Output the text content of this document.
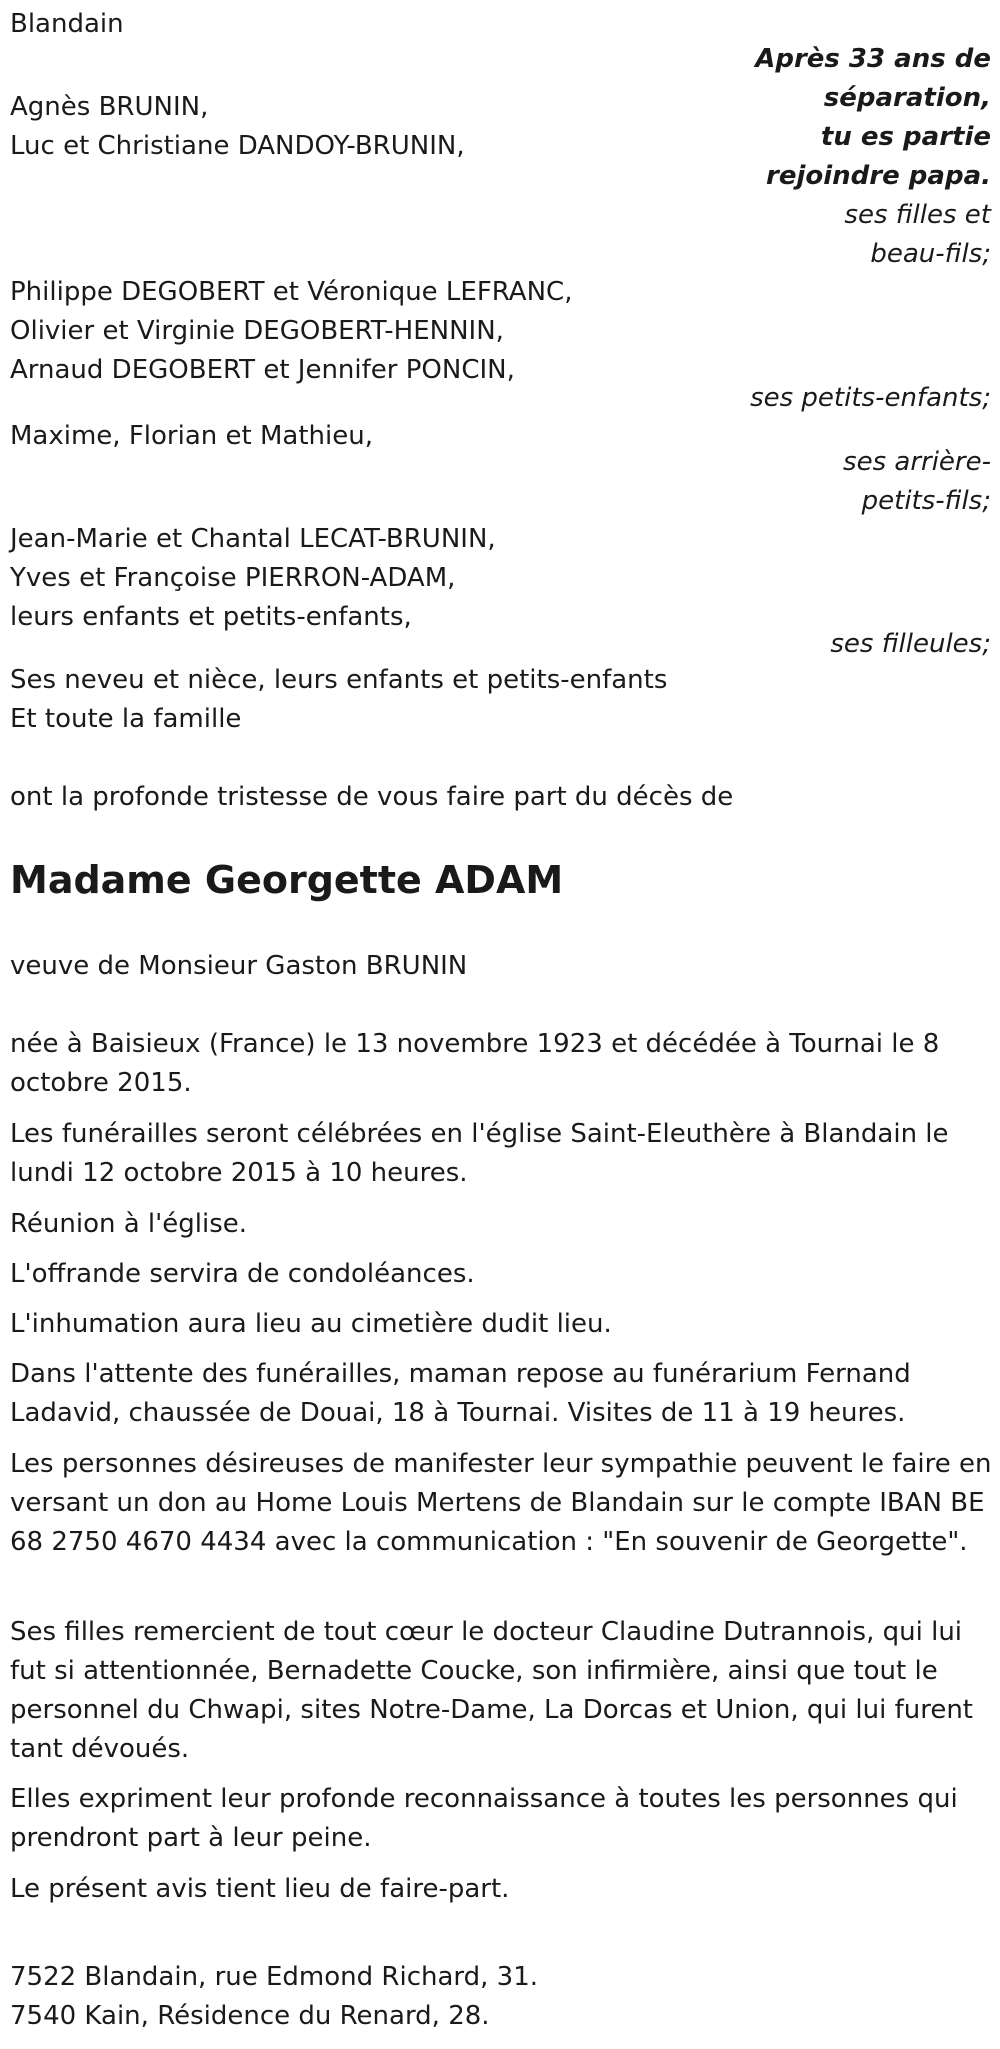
Blandain
Après 33 ans de
séparation,
tu es partie
rejoindre papa.
Agnès BRUNIN,
Luc et Christiane DANDOY-BRUNIN,
ses filles et
beau-fils;
Philippe DEGOBERT et Véronique LEFRANC,
Olivier et Virginie DEGOBERT-HENNIN,
Arnaud DEGOBERT et Jennifer PONCIN,
ses petits-enfants;
Maxime, Florian et Mathieu,
ses arrière-
petits-fils;
Jean-Marie et Chantal LECAT-BRUNIN,
Yves et Françoise PIERRON-ADAM,
leurs enfants et petits-enfants,
ses filleules;
Ses neveu et nièce, leurs enfants et petits-enfants
Et toute la famille
ont la profonde tristesse de vous faire part du décès de
Madame Georgette ADAM
veuve de Monsieur Gaston BRUNIN
née à Baisieux (France) le 13 novembre 1923 et décédée à Tournai le 8 octobre 2015.
Les funérailles seront célébrées en l'église Saint-Eleuthère à Blandain le lundi 12 octobre 2015 à 10 heures.
Réunion à l'église.
L'offrande servira de condoléances.
L'inhumation aura lieu au cimetière dudit lieu.
Dans l'attente des funérailles, maman repose au funérarium Fernand Ladavid, chaussée de Douai, 18 à Tournai. Visites de 11 à 19 heures.
Les personnes désireuses de manifester leur sympathie peuvent le faire en versant un don au Home Louis Mertens de Blandain sur le compte IBAN BE 68 2750 4670 4434 avec la communication : "En souvenir de Georgette".
Ses filles remercient de tout cœur le docteur Claudine Dutrannois, qui lui fut si attentionnée, Bernadette Coucke, son infirmière, ainsi que tout le personnel du Chwapi, sites Notre-Dame, La Dorcas et Union, qui lui furent tant dévoués.
Elles expriment leur profonde reconnaissance à toutes les personnes qui prendront part à leur peine.
Le présent avis tient lieu de faire-part.
7522 Blandain, rue Edmond Richard, 31.
7540 Kain, Résidence du Renard, 28.
